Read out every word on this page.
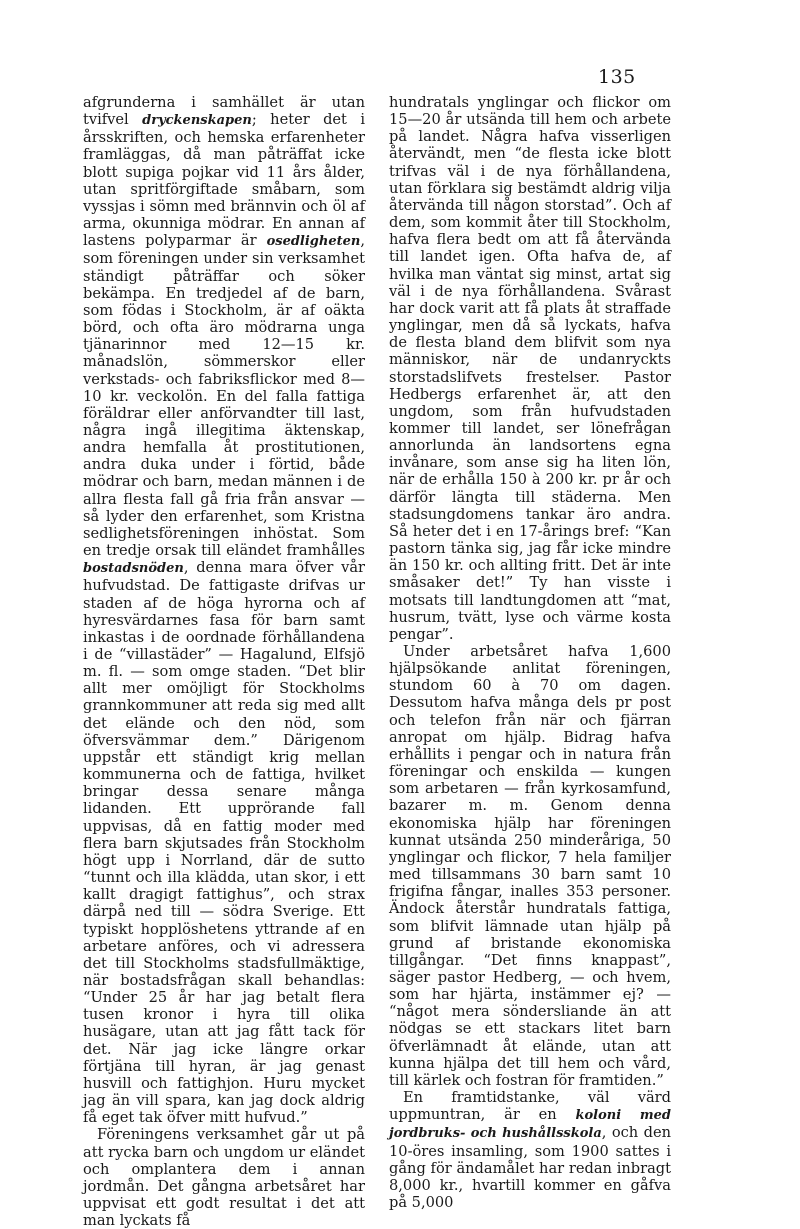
135

afgrunderna i samhället är utan tvifvel dryckenskapen; heter det i årsskriften, och hemska erfarenheter framläggas, då man påträffat icke blott supiga pojkar vid 11 års ålder, utan spritförgiftade småbarn, som vyssjas i sömn med brännvin och öl af arma, okunniga mödrar. En annan af lastens polyparmar är osedligheten, som föreningen under sin verksamhet ständigt påträffar och söker bekämpa. En tredjedel af de barn, som födas i Stockholm, är af oäkta börd, och ofta äro mödrarna unga tjänarinnor med 12—15 kr. månadslön, sömmerskor eller verkstads- och fabriksflickor med 8—10 kr. veckolön. En del falla fattiga föräldrar eller anförvandter till last, några ingå illegitima äktenskap, andra hemfalla åt prostitutionen, andra duka under i förtid, både mödrar och barn, medan männen i de allra flesta fall gå fria från ansvar — så lyder den erfarenhet, som Kristna sedlighetsföreningen inhöstat. Som en tredje orsak till eländet framhålles bostadsnöden, denna mara öfver vår hufvudstad. De fattigaste drifvas ur staden af de höga hyrorna och af hyresvärdarnes fasa för barn samt inkastas i de oordnade förhållandena i de “villastäder” — Hagalund, Elfsjö m. fl. — som omge staden. “Det blir allt mer omöjligt för Stockholms grannkommuner att reda sig med allt det elände och den nöd, som öfversvämmar dem.” Därigenom uppstår ett ständigt krig mellan kommunerna och de fattiga, hvilket bringar dessa senare många lidanden. Ett upprörande fall uppvisas, då en fattig moder med flera barn skjutsades från Stockholm högt upp i Norrland, där de sutto “tunnt och illa klädda, utan skor, i ett kallt dragigt fattighus”, och strax därpå ned till — södra Sverige. Ett typiskt hopplöshetens yttrande af en arbetare anföres, och vi adressera det till Stockholms stadsfullmäktige, när bostadsfrågan skall behandlas: “Under 25 år har jag betalt flera tusen kronor i hyra till olika husägare, utan att jag fått tack för det. När jag icke längre orkar förtjäna till hyran, är jag genast husvill och fattighjon. Huru mycket jag än vill spara, kan jag dock aldrig få eget tak öfver mitt hufvud.”

Föreningens verksamhet går ut på att rycka barn och ungdom ur eländet och omplantera dem i annan jordmån. Det gångna arbetsåret har uppvisat ett godt resultat i det att man lyckats få

hundratals ynglingar och flickor om 15—20 år utsända till hem och arbete på landet. Några hafva visserligen återvändt, men “de flesta icke blott trifvas väl i de nya förhållandena, utan förklara sig bestämdt aldrig vilja återvända till någon storstad”. Och af dem, som kommit åter till Stockholm, hafva flera bedt om att få återvända till landet igen. Ofta hafva de, af hvilka man väntat sig minst, artat sig väl i de nya förhållandena. Svårast har dock varit att få plats åt straffade ynglingar, men då så lyckats, hafva de flesta bland dem blifvit som nya människor, när de undanryckts storstadslifvets frestelser. Pastor Hedbergs erfarenhet är, att den ungdom, som från hufvudstaden kommer till landet, ser lönefrågan annorlunda än landsortens egna invånare, som anse sig ha liten lön, när de erhålla 150 à 200 kr. pr år och därför längta till städerna. Men stadsungdomens tankar äro andra. Så heter det i en 17-årings bref: “Kan pastorn tänka sig, jag får icke mindre än 150 kr. och allting fritt. Det är inte småsaker det!” Ty han visste i motsats till landtungdomen att “mat, husrum, tvätt, lyse och värme kosta pengar”.

Under arbetsåret hafva 1,600 hjälpsökande anlitat föreningen, stundom 60 à 70 om dagen. Dessutom hafva många dels pr post och telefon från när och fjärran anropat om hjälp. Bidrag hafva erhållits i pengar och in natura från föreningar och enskilda — kungen som arbetaren — från kyrkosamfund, bazarer m. m. Genom denna ekonomiska hjälp har föreningen kunnat utsända 250 minderåriga, 50 ynglingar och flickor, 7 hela familjer med tillsammans 30 barn samt 10 frigifna fångar, inalles 353 personer. Ändock återstår hundratals fattiga, som blifvit lämnade utan hjälp på grund af bristande ekonomiska tillgångar. “Det finns knappast”, säger pastor Hedberg, — och hvem, som har hjärta, instämmer ej? — “något mera söndersliande än att nödgas se ett stackars litet barn öfverlämnadt åt elände, utan att kunna hjälpa det till hem och vård, till kärlek och fostran för framtiden.”

En framtidstanke, väl värd uppmuntran, är en koloni med jordbruks- och hushållsskola, och den 10-öres insamling, som 1900 sattes i gång för ändamålet har redan inbragt 8,000 kr., hvartill kommer en gåfva på 5,000
